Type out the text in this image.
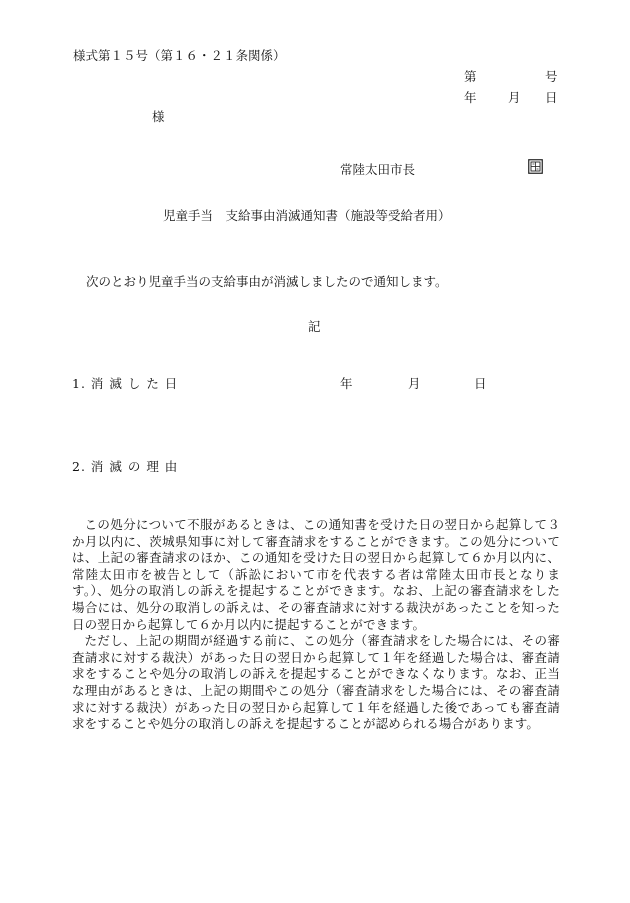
様式第１５号（第１６・２１条関係）
第	号
年	月 日
様
常陸太田市長
児童手当　支給事由消滅通知書（施設等受給者用）
次のとおり児童手当の支給事由が消滅しましたので通知します。
記
1. 消 滅 し た 日	年	月	日
2. 消 滅 の 理 由

この処分について不服があるときは、この通知書を受けた日の翌日から起算して３か月以内に、茨城県知事に対して審査請求をすることができます。この処分については、上記の審査請求のほか、この通知を受けた日の翌日から起算して６か月以内に、常陸太田市を被告として（訴訟において市を代表する者は常陸太田市長となります。）、処分の取消しの訴えを提起することができます。なお、上記の審査請求をした場合には、処分の取消しの訴えは、その審査請求に対する裁決があったことを知った日の翌日から起算して６か月以内に提起することができます。

ただし、上記の期間が経過する前に、この処分（審査請求をした場合には、その審査請求に対する裁決）があった日の翌日から起算して１年を経過した場合は、審査請求をすることや処分の取消しの訴えを提起することができなくなります。なお、正当な理由があるときは、上記の期間やこの処分（審査請求をした場合には、その審査請求に対する裁決）があった日の翌日から起算して１年を経過した後であっても審査請求をすることや処分の取消しの訴えを提起することが認められる場合があります。
